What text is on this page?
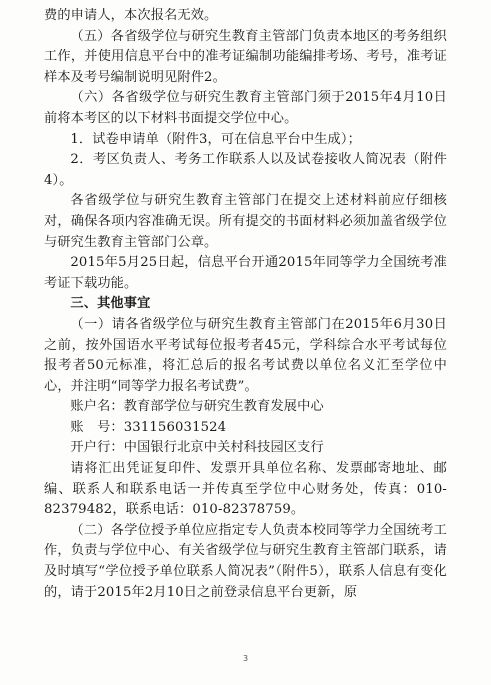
费的申请人，本次报名无效。

（五）各省级学位与研究生教育主管部门负责本地区的考务组织工作，并使用信息平台中的准考证编制功能编排考场、考号，准考证样本及考号编制说明见附件2。

（六）各省级学位与研究生教育主管部门须于2015年4月10日前将本考区的以下材料书面提交学位中心。

1．试卷申请单（附件3，可在信息平台中生成）；

2．考区负责人、考务工作联系人以及试卷接收人简况表（附件4）。

各省级学位与研究生教育主管部门在提交上述材料前应仔细核对，确保各项内容准确无误。所有提交的书面材料必须加盖省级学位与研究生教育主管部门公章。

2015年5月25日起，信息平台开通2015年同等学力全国统考准考证下载功能。

三、其他事宜

（一）请各省级学位与研究生教育主管部门在2015年6月30日之前，按外国语水平考试每位报考者45元，学科综合水平考试每位报考者50元标准，将汇总后的报名考试费以单位名义汇至学位中心，并注明“同等学力报名考试费”。

账户名：教育部学位与研究生教育发展中心

账　号：331156031524

开户行：中国银行北京中关村科技园区支行

请将汇出凭证复印件、发票开具单位名称、发票邮寄地址、邮编、联系人和联系电话一并传真至学位中心财务处，传真：010-82379482，联系电话：010-82378759。

（二）各学位授予单位应指定专人负责本校同等学力全国统考工作，负责与学位中心、有关省级学位与研究生教育主管部门联系，请及时填写“学位授予单位联系人简况表”（附件5），联系人信息有变化的，请于2015年2月10日之前登录信息平台更新，原

3
